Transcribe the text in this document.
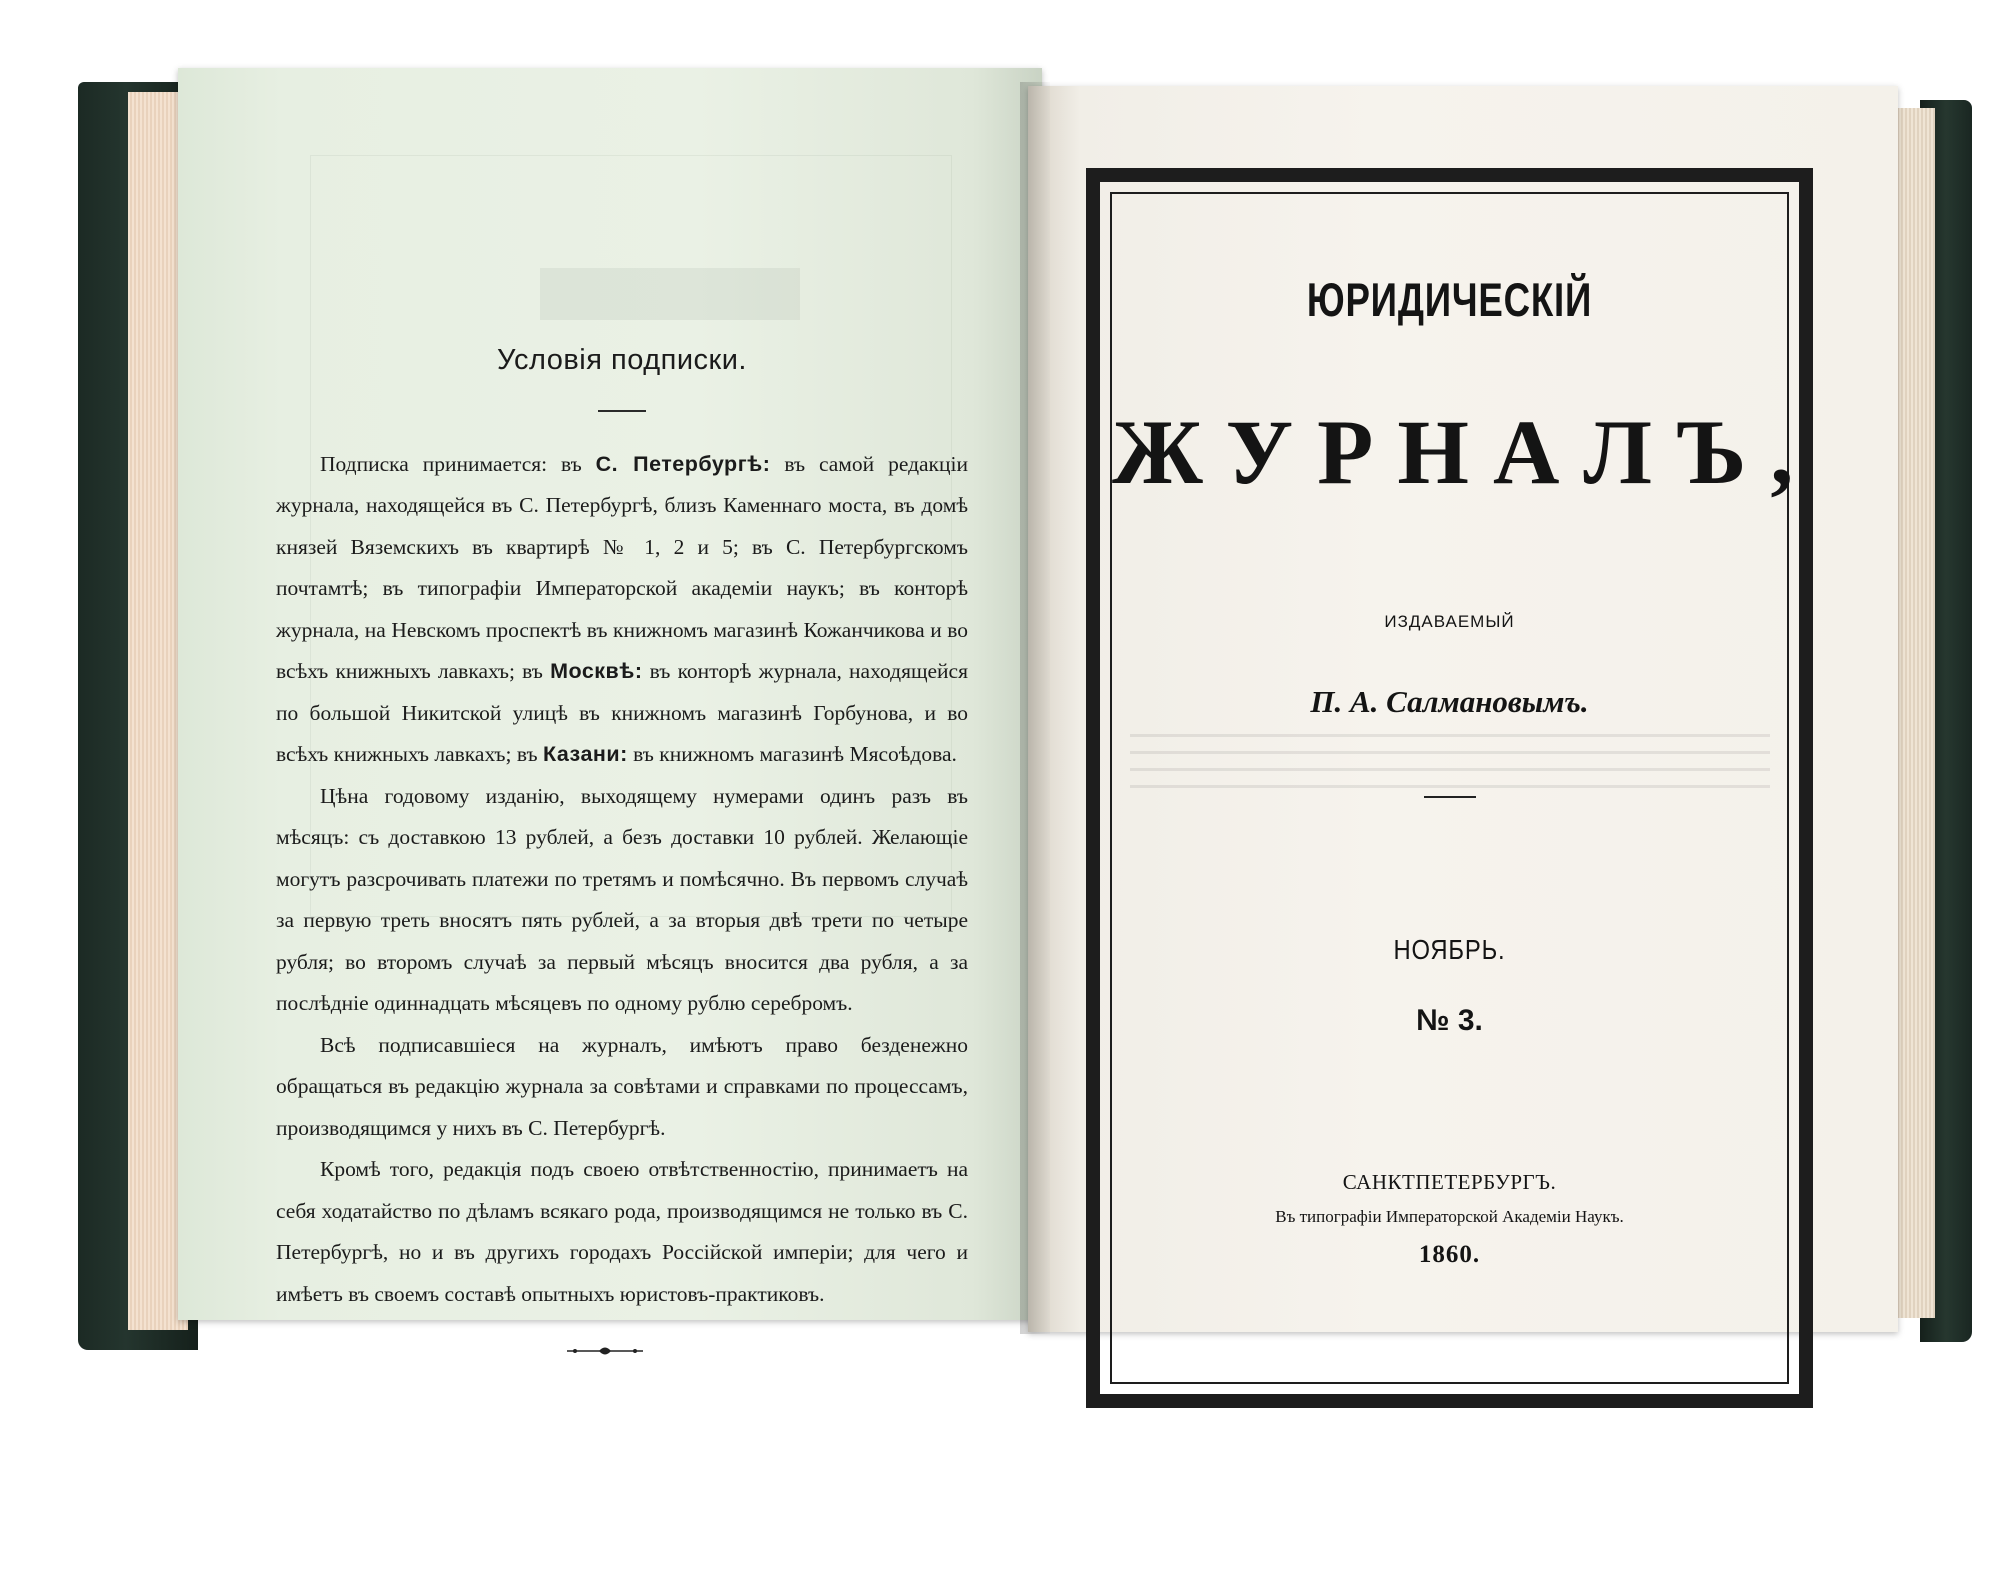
Условія подписки.

Подписка принимается: въ С. Петербургѣ: въ самой редакціи журнала, находящейся въ С. Петербургѣ, близъ Каменнаго моста, въ домѣ князей Вяземскихъ въ квартирѣ № 1, 2 и 5; въ С. Петербургскомъ почтамтѣ; въ типографіи Императорской академіи наукъ; въ конторѣ журнала, на Невскомъ проспектѣ въ книжномъ магазинѣ Кожанчикова и во всѣхъ книжныхъ лавкахъ; въ Москвѣ: въ конторѣ журнала, находящейся по большой Никитской улицѣ въ книжномъ магазинѣ Горбунова, и во всѣхъ книжныхъ лавкахъ; въ Казани: въ книжномъ магазинѣ Мясоѣдова.

Цѣна годовому изданію, выходящему нумерами одинъ разъ въ мѣсяцъ: съ доставкою 13 рублей, а безъ доставки 10 рублей. Желающіе могутъ разсрочивать платежи по третямъ и помѣсячно. Въ первомъ случаѣ за первую треть вносятъ пять рублей, а за вторыя двѣ трети по четыре рубля; во второмъ случаѣ за первый мѣсяцъ вносится два рубля, а за послѣдніе одиннадцать мѣсяцевъ по одному рублю серебромъ.

Всѣ подписавшіеся на журналъ, имѣютъ право безденежно обращаться въ редакцію журнала за совѣтами и справками по процессамъ, производящимся у нихъ въ С. Петербургѣ.

Кромѣ того, редакція подъ своею отвѣтственностію, принимаетъ на себя ходатайство по дѣламъ всякаго рода, производящимся не только въ С. Петербургѣ, но и въ другихъ городахъ Россійской имперіи; для чего и имѣетъ въ своемъ составѣ опытныхъ юристовъ-практиковъ.

ЮРИДИЧЕСКІЙ
ЖУРНАЛЪ,
ИЗДАВАЕМЫЙ
П. А. Салмановымъ.
НОЯБРЬ.
№ 3.
САНКТПЕТЕРБУРГЪ.
Въ типографіи Императорской Академіи Наукъ.
1860.
